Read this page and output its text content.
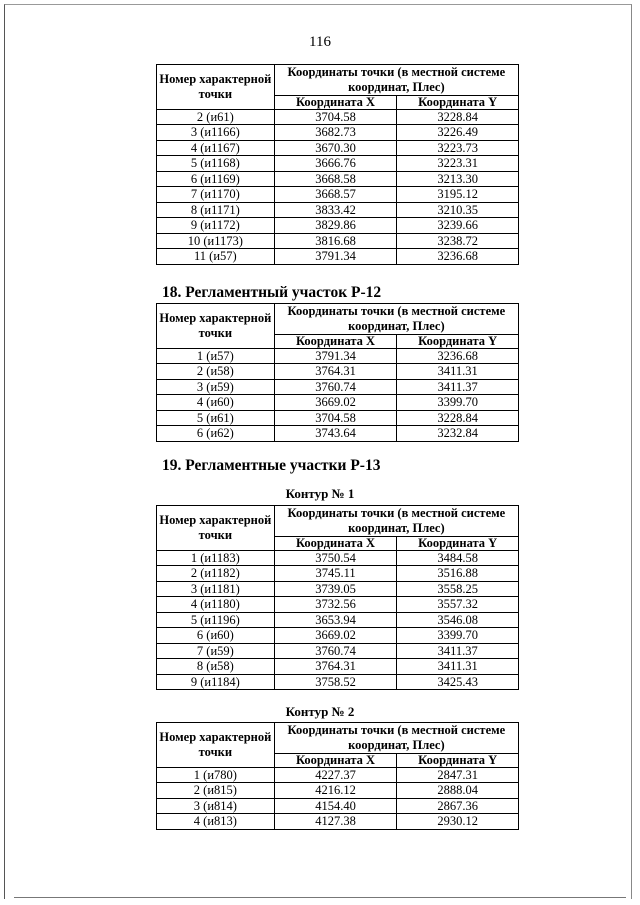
116
Номер характерной точки	Координаты точки (в местной системе координат, Плес)	
	Координата X	Координата Y
2 (и61)	3704.58	3228.84
3 (и1166)	3682.73	3226.49
4 (и1167)	3670.30	3223.73
5 (и1168)	3666.76	3223.31
6 (и1169)	3668.58	3213.30
7 (и1170)	3668.57	3195.12
8 (и1171)	3833.42	3210.35
9 (и1172)	3829.86	3239.66
10 (и1173)	3816.68	3238.72
11 (и57)	3791.34	3236.68
18. Регламентный участок Р-12
Номер характерной точки	Координаты точки (в местной системе координат, Плес)	
	Координата X	Координата Y
1 (и57)	3791.34	3236.68
2 (и58)	3764.31	3411.31
3 (и59)	3760.74	3411.37
4 (и60)	3669.02	3399.70
5 (и61)	3704.58	3228.84
6 (и62)	3743.64	3232.84
19. Регламентные участки Р-13
Контур № 1
Номер характерной точки	Координаты точки (в местной системе координат, Плес)	
	Координата X	Координата Y
1 (и1183)	3750.54	3484.58
2 (и1182)	3745.11	3516.88
3 (и1181)	3739.05	3558.25
4 (и1180)	3732.56	3557.32
5 (и1196)	3653.94	3546.08
6 (и60)	3669.02	3399.70
7 (и59)	3760.74	3411.37
8 (и58)	3764.31	3411.31
9 (и1184)	3758.52	3425.43
Контур № 2
Номер характерной точки	Координаты точки (в местной системе координат, Плес)	
	Координата X	Координата Y
1 (и780)	4227.37	2847.31
2 (и815)	4216.12	2888.04
3 (и814)	4154.40	2867.36
4 (и813)	4127.38	2930.12
